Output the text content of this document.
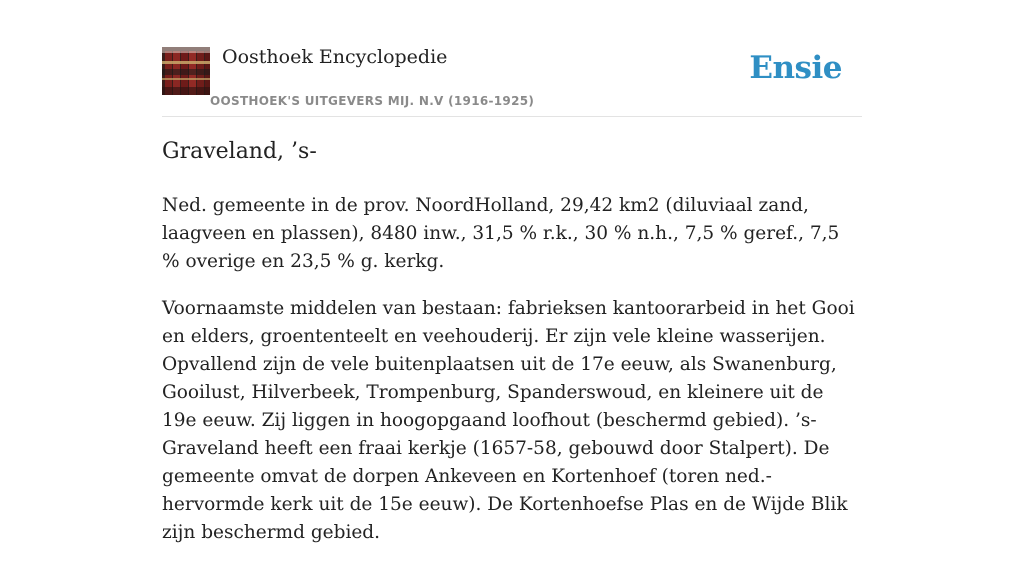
Oosthoek Encyclopedie
OOSTHOEK'S UITGEVERS MIJ. N.V (1916-1925)
Ensie
Graveland, ’s-

Ned. gemeente in de prov. NoordHolland, 29,42 km2 (diluviaal zand, laagveen en plassen), 8480 inw., 31,5 % r.k., 30 % n.h., 7,5 % geref., 7,5 % overige en 23,5 % g. kerkg.

Voornaamste middelen van bestaan: fabrieksen kantoorarbeid in het Gooi en elders, groententeelt en veehouderij. Er zijn vele kleine wasserijen. Opvallend zijn de vele buitenplaatsen uit de 17e eeuw, als Swanenburg, Gooilust, Hilverbeek, Trompenburg, Spanderswoud, en kleinere uit de 19e eeuw. Zij liggen in hoogopgaand loofhout (beschermd gebied). ’s-Graveland heeft een fraai kerkje (1657-58, gebouwd door Stalpert). De gemeente omvat de dorpen Ankeveen en Kortenhoef (toren ned.-hervormde kerk uit de 15e eeuw). De Kortenhoefse Plas en de Wijde Blik zijn beschermd gebied.
